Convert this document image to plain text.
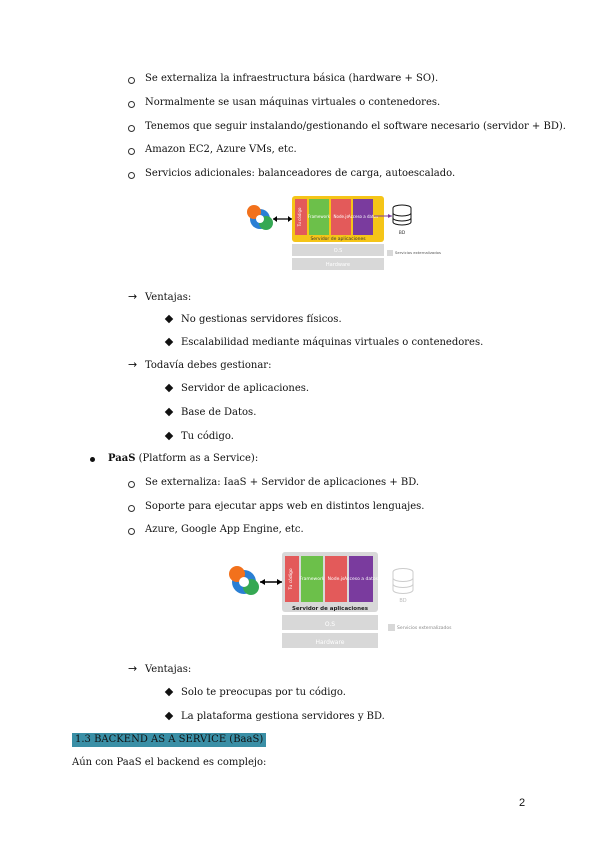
Se externaliza la infraestructura básica (hardware + SO).
Normalmente se usan máquinas virtuales o contenedores.
Tenemos que seguir instalando/gestionando el software necesario (servidor + BD).
Amazon EC2, Azure VMs, etc.
Servicios adicionales: balanceadores de carga, autoescalado.
Tu código Framework Node.js Acceso a datos
Servidor de aplicaciones
O.S
Hardware
BD
Servicios externalizados
→ Ventajas:
No gestionas servidores físicos.
Escalabilidad mediante máquinas virtuales o contenedores.
→ Todavía debes gestionar:
Servidor de aplicaciones.
Base de Datos.
Tu código.
PaaS (Platform as a Service):
Se externaliza: IaaS + Servidor de aplicaciones + BD.
Soporte para ejecutar apps web en distintos lenguajes.
Azure, Google App Engine, etc.
Tu código Framework Node.js Acceso a datos
Servidor de aplicaciones
O.S
Hardware
BD
Servicios externalizados
→ Ventajas:
Solo te preocupas por tu código.
La plataforma gestiona servidores y BD.
1.3 BACKEND AS A SERVICE (BaaS)
Aún con PaaS el backend es complejo:
2
